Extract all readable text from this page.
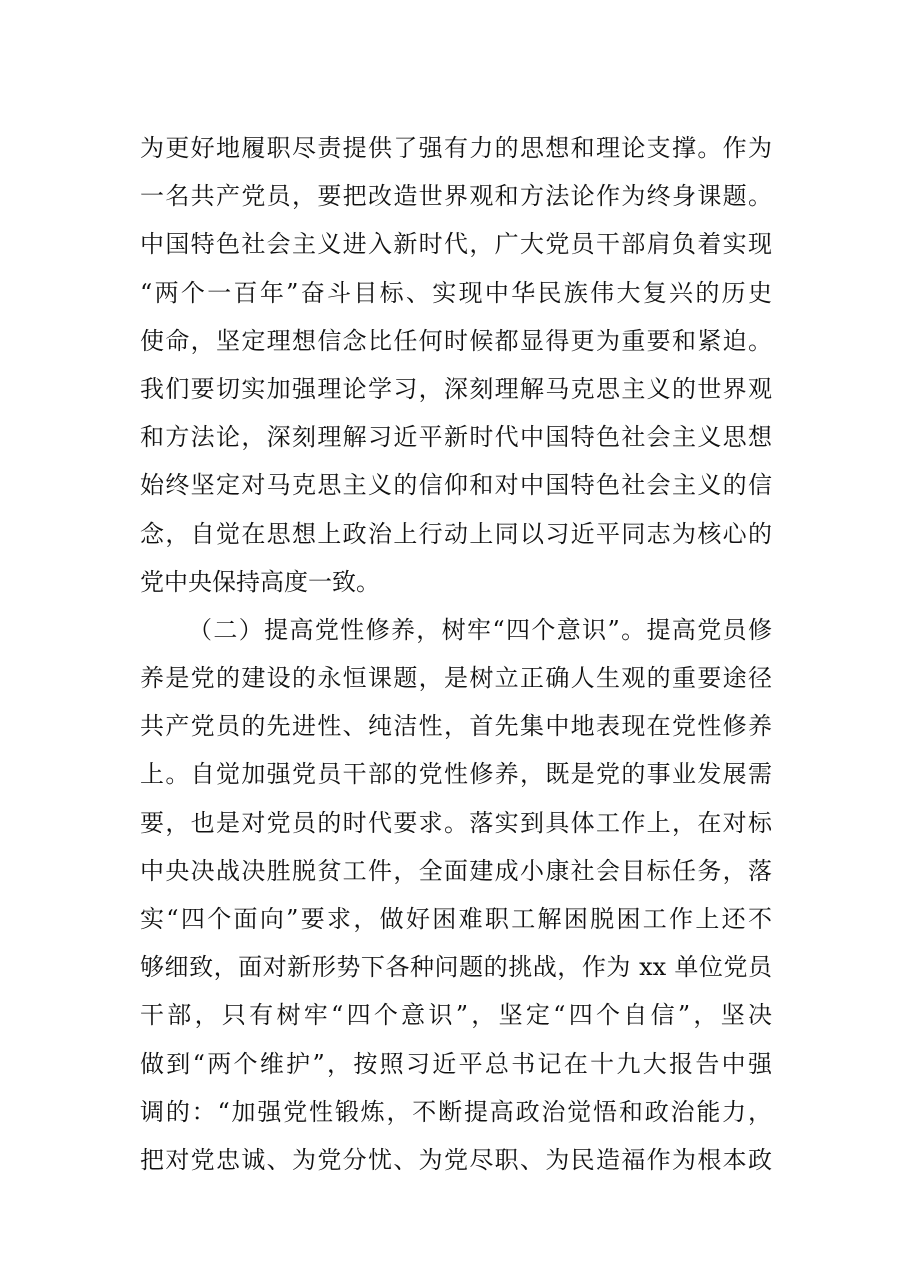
为更好地履职尽责提供了强有力的思想和理论支撑。作为
一名共产党员，要把改造世界观和方法论作为终身课题。
中国特色社会主义进入新时代，广大党员干部肩负着实现
“两个一百年”奋斗目标、实现中华民族伟大复兴的历史
使命，坚定理想信念比任何时候都显得更为重要和紧迫。
我们要切实加强理论学习，深刻理解马克思主义的世界观
和方法论，深刻理解习近平新时代中国特色社会主义思想
始终坚定对马克思主义的信仰和对中国特色社会主义的信
念，自觉在思想上政治上行动上同以习近平同志为核心的
党中央保持高度一致。
（二）提高党性修养，树牢“四个意识”。提高党员修
养是党的建设的永恒课题，是树立正确人生观的重要途径
共产党员的先进性、纯洁性，首先集中地表现在党性修养
上。自觉加强党员干部的党性修养，既是党的事业发展需
要，也是对党员的时代要求。落实到具体工作上，在对标
中央决战决胜脱贫工件，全面建成小康社会目标任务，落
实“四个面向”要求，做好困难职工解困脱困工作上还不
够细致，面对新形势下各种问题的挑战，作为 xx 单位党员
干部，只有树牢“四个意识”，坚定“四个自信”，坚决
做到“两个维护”，按照习近平总书记在十九大报告中强
调的：“加强党性锻炼，不断提高政治觉悟和政治能力，
把对党忠诚、为党分忧、为党尽职、为民造福作为根本政
